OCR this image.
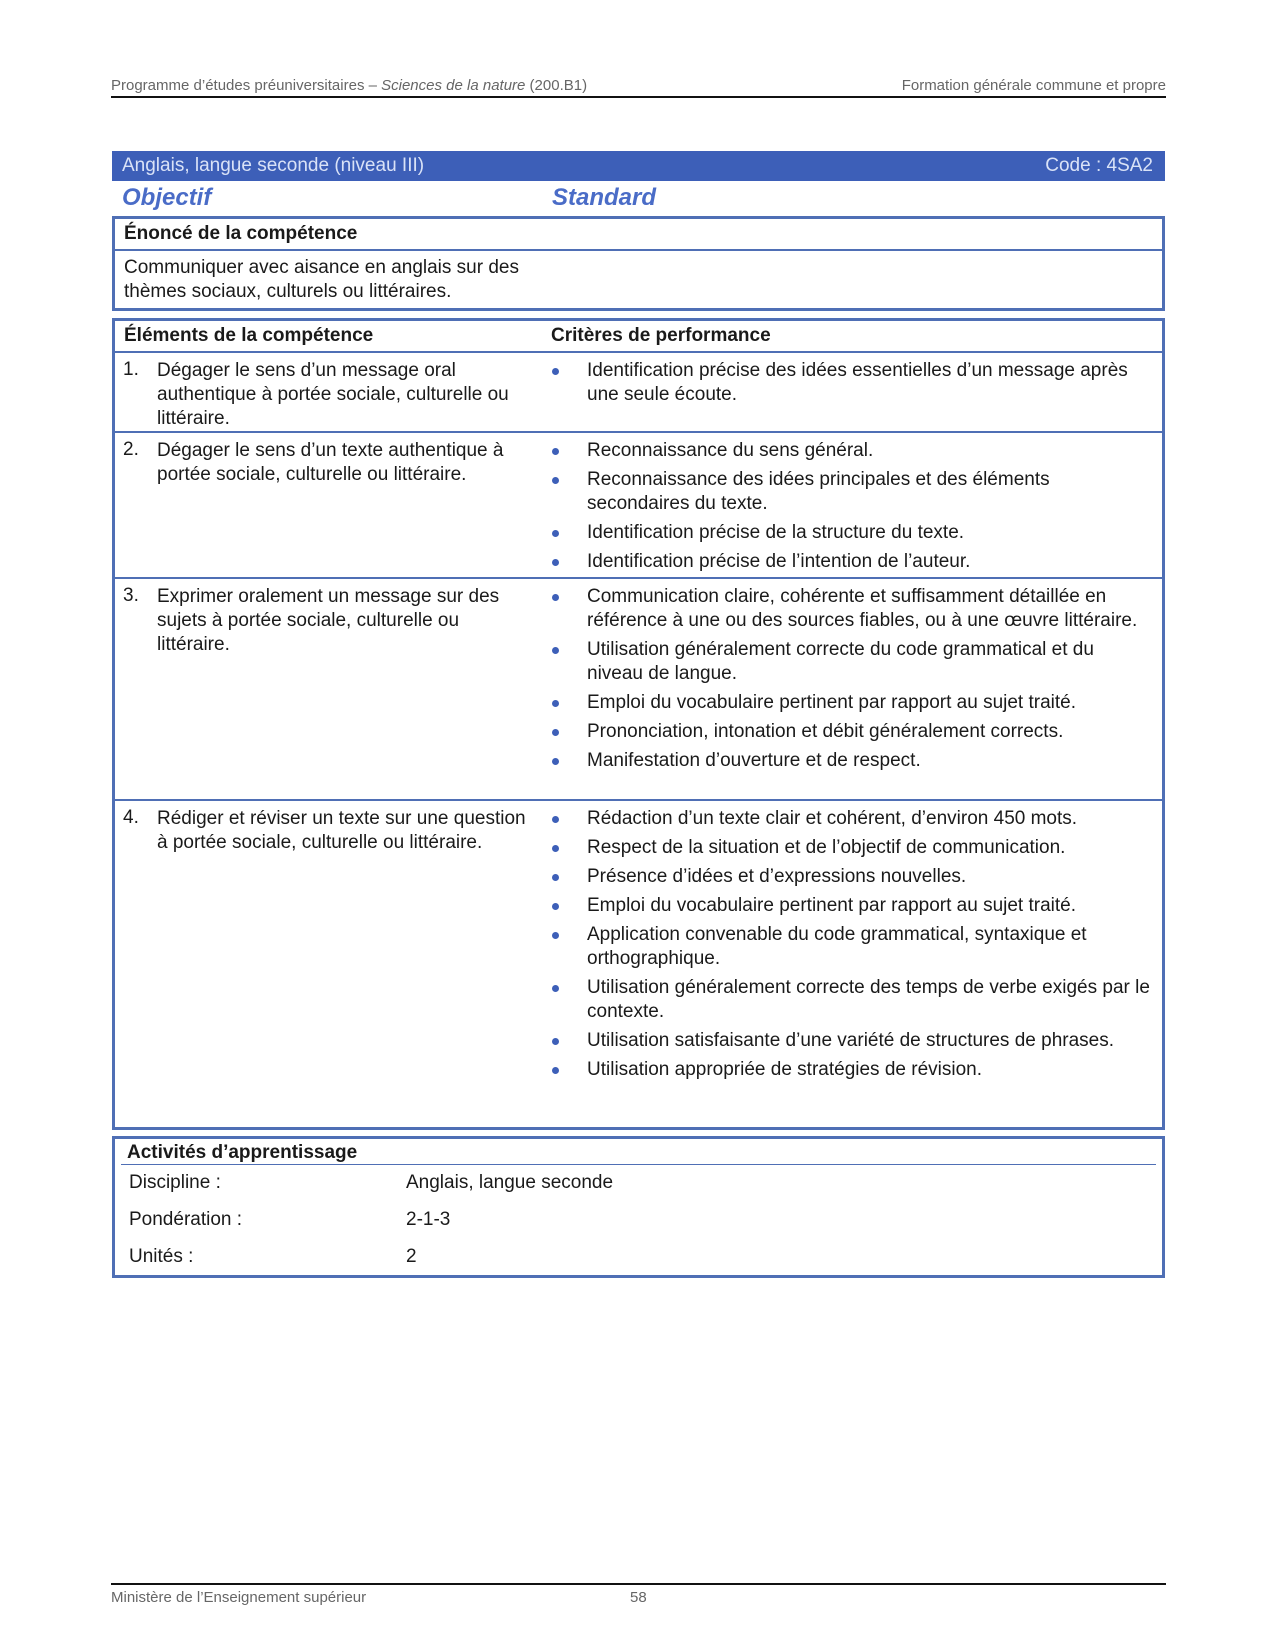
Programme d’études préuniversitaires – Sciences de la nature (200.B1)	Formation générale commune et propre
Anglais, langue seconde (niveau III)	Code : 4SA2
Objectif	Standard
Énoncé de la compétence
Communiquer avec aisance en anglais sur des thèmes sociaux, culturels ou littéraires.
Éléments de la compétence	Critères de performance
1. Dégager le sens d’un message oral authentique à portée sociale, culturelle ou littéraire.
Identification précise des idées essentielles d’un message après une seule écoute.
2. Dégager le sens d’un texte authentique à portée sociale, culturelle ou littéraire.
Reconnaissance du sens général.
Reconnaissance des idées principales et des éléments secondaires du texte.
Identification précise de la structure du texte.
Identification précise de l’intention de l’auteur.
3. Exprimer oralement un message sur des sujets à portée sociale, culturelle ou littéraire.
Communication claire, cohérente et suffisamment détaillée en référence à une ou des sources fiables, ou à une œuvre littéraire.
Utilisation généralement correcte du code grammatical et du niveau de langue.
Emploi du vocabulaire pertinent par rapport au sujet traité.
Prononciation, intonation et débit généralement corrects.
Manifestation d’ouverture et de respect.
4. Rédiger et réviser un texte sur une question à portée sociale, culturelle ou littéraire.
Rédaction d’un texte clair et cohérent, d’environ 450 mots.
Respect de la situation et de l’objectif de communication.
Présence d’idées et d’expressions nouvelles.
Emploi du vocabulaire pertinent par rapport au sujet traité.
Application convenable du code grammatical, syntaxique et orthographique.
Utilisation généralement correcte des temps de verbe exigés par le contexte.
Utilisation satisfaisante d’une variété de structures de phrases.
Utilisation appropriée de stratégies de révision.
Activités d’apprentissage
Discipline :	Anglais, langue seconde
Pondération :	2-1-3
Unités :	2
Ministère de l’Enseignement supérieur	58
